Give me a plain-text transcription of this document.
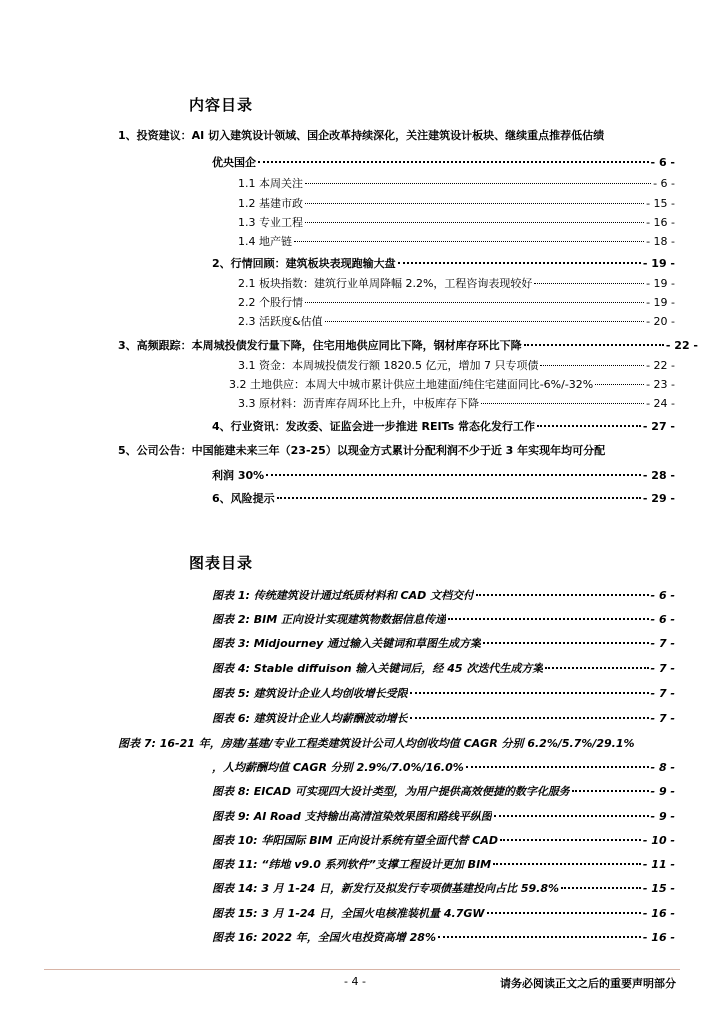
内容目录
1、投资建议：AI 切入建筑设计领域、国企改革持续深化，关注建筑设计板块、继续重点推荐低估绩
优央国企	- 6 -
1.1 本周关注	- 6 -
1.2 基建市政	- 15 -
1.3 专业工程	- 16 -
1.4 地产链	- 18 -
2、行情回顾：建筑板块表现跑输大盘	- 19 -
2.1 板块指数：建筑行业单周降幅 2.2%，工程咨询表现较好	- 19 -
2.2 个股行情	- 19 -
2.3 活跃度&估值	- 20 -
3、高频跟踪：本周城投债发行量下降，住宅用地供应同比下降，钢材库存环比下降	- 22 -
3.1 资金：本周城投债发行额 1820.5 亿元，增加 7 只专项债	- 22 -
3.2 土地供应：本周大中城市累计供应土地建面/纯住宅建面同比-6%/-32%	- 23 -
3.3 原材料：沥青库存周环比上升，中板库存下降	- 24 -
4、行业资讯：发改委、证监会进一步推进 REITs 常态化发行工作	- 27 -
5、公司公告：中国能建未来三年（23-25）以现金方式累计分配利润不少于近 3 年实现年均可分配
利润 30%	- 28 -
6、风险提示	- 29 -
图表目录
图表 1: 传统建筑设计通过纸质材料和 CAD 文档交付	- 6 -
图表 2: BIM 正向设计实现建筑物数据信息传递	- 6 -
图表 3: Midjourney 通过输入关键词和草图生成方案	- 7 -
图表 4: Stable diffuison 输入关键词后，经 45 次迭代生成方案	- 7 -
图表 5: 建筑设计企业人均创收增长受限	- 7 -
图表 6: 建筑设计企业人均薪酬波动增长	- 7 -
图表 7: 16-21 年，房建/基建/专业工程类建筑设计公司人均创收均值 CAGR 分别 6.2%/5.7%/29.1%
，人均薪酬均值 CAGR 分别 2.9%/7.0%/16.0%	- 8 -
图表 8: EICAD 可实现四大设计类型，为用户提供高效便捷的数字化服务	- 9 -
图表 9: AI Road 支持输出高清渲染效果图和路线平纵图	- 9 -
图表 10: 华阳国际 BIM 正向设计系统有望全面代替 CAD	- 10 -
图表 11: “纬地 v9.0 系列软件”支撑工程设计更加 BIM	- 11 -
图表 14: 3 月 1-24 日，新发行及拟发行专项债基建投向占比 59.8%	- 15 -
图表 15: 3 月 1-24 日，全国火电核准装机量 4.7GW	- 16 -
图表 16: 2022 年，全国火电投资高增 28%	- 16 -
- 4 -	请务必阅读正文之后的重要声明部分
